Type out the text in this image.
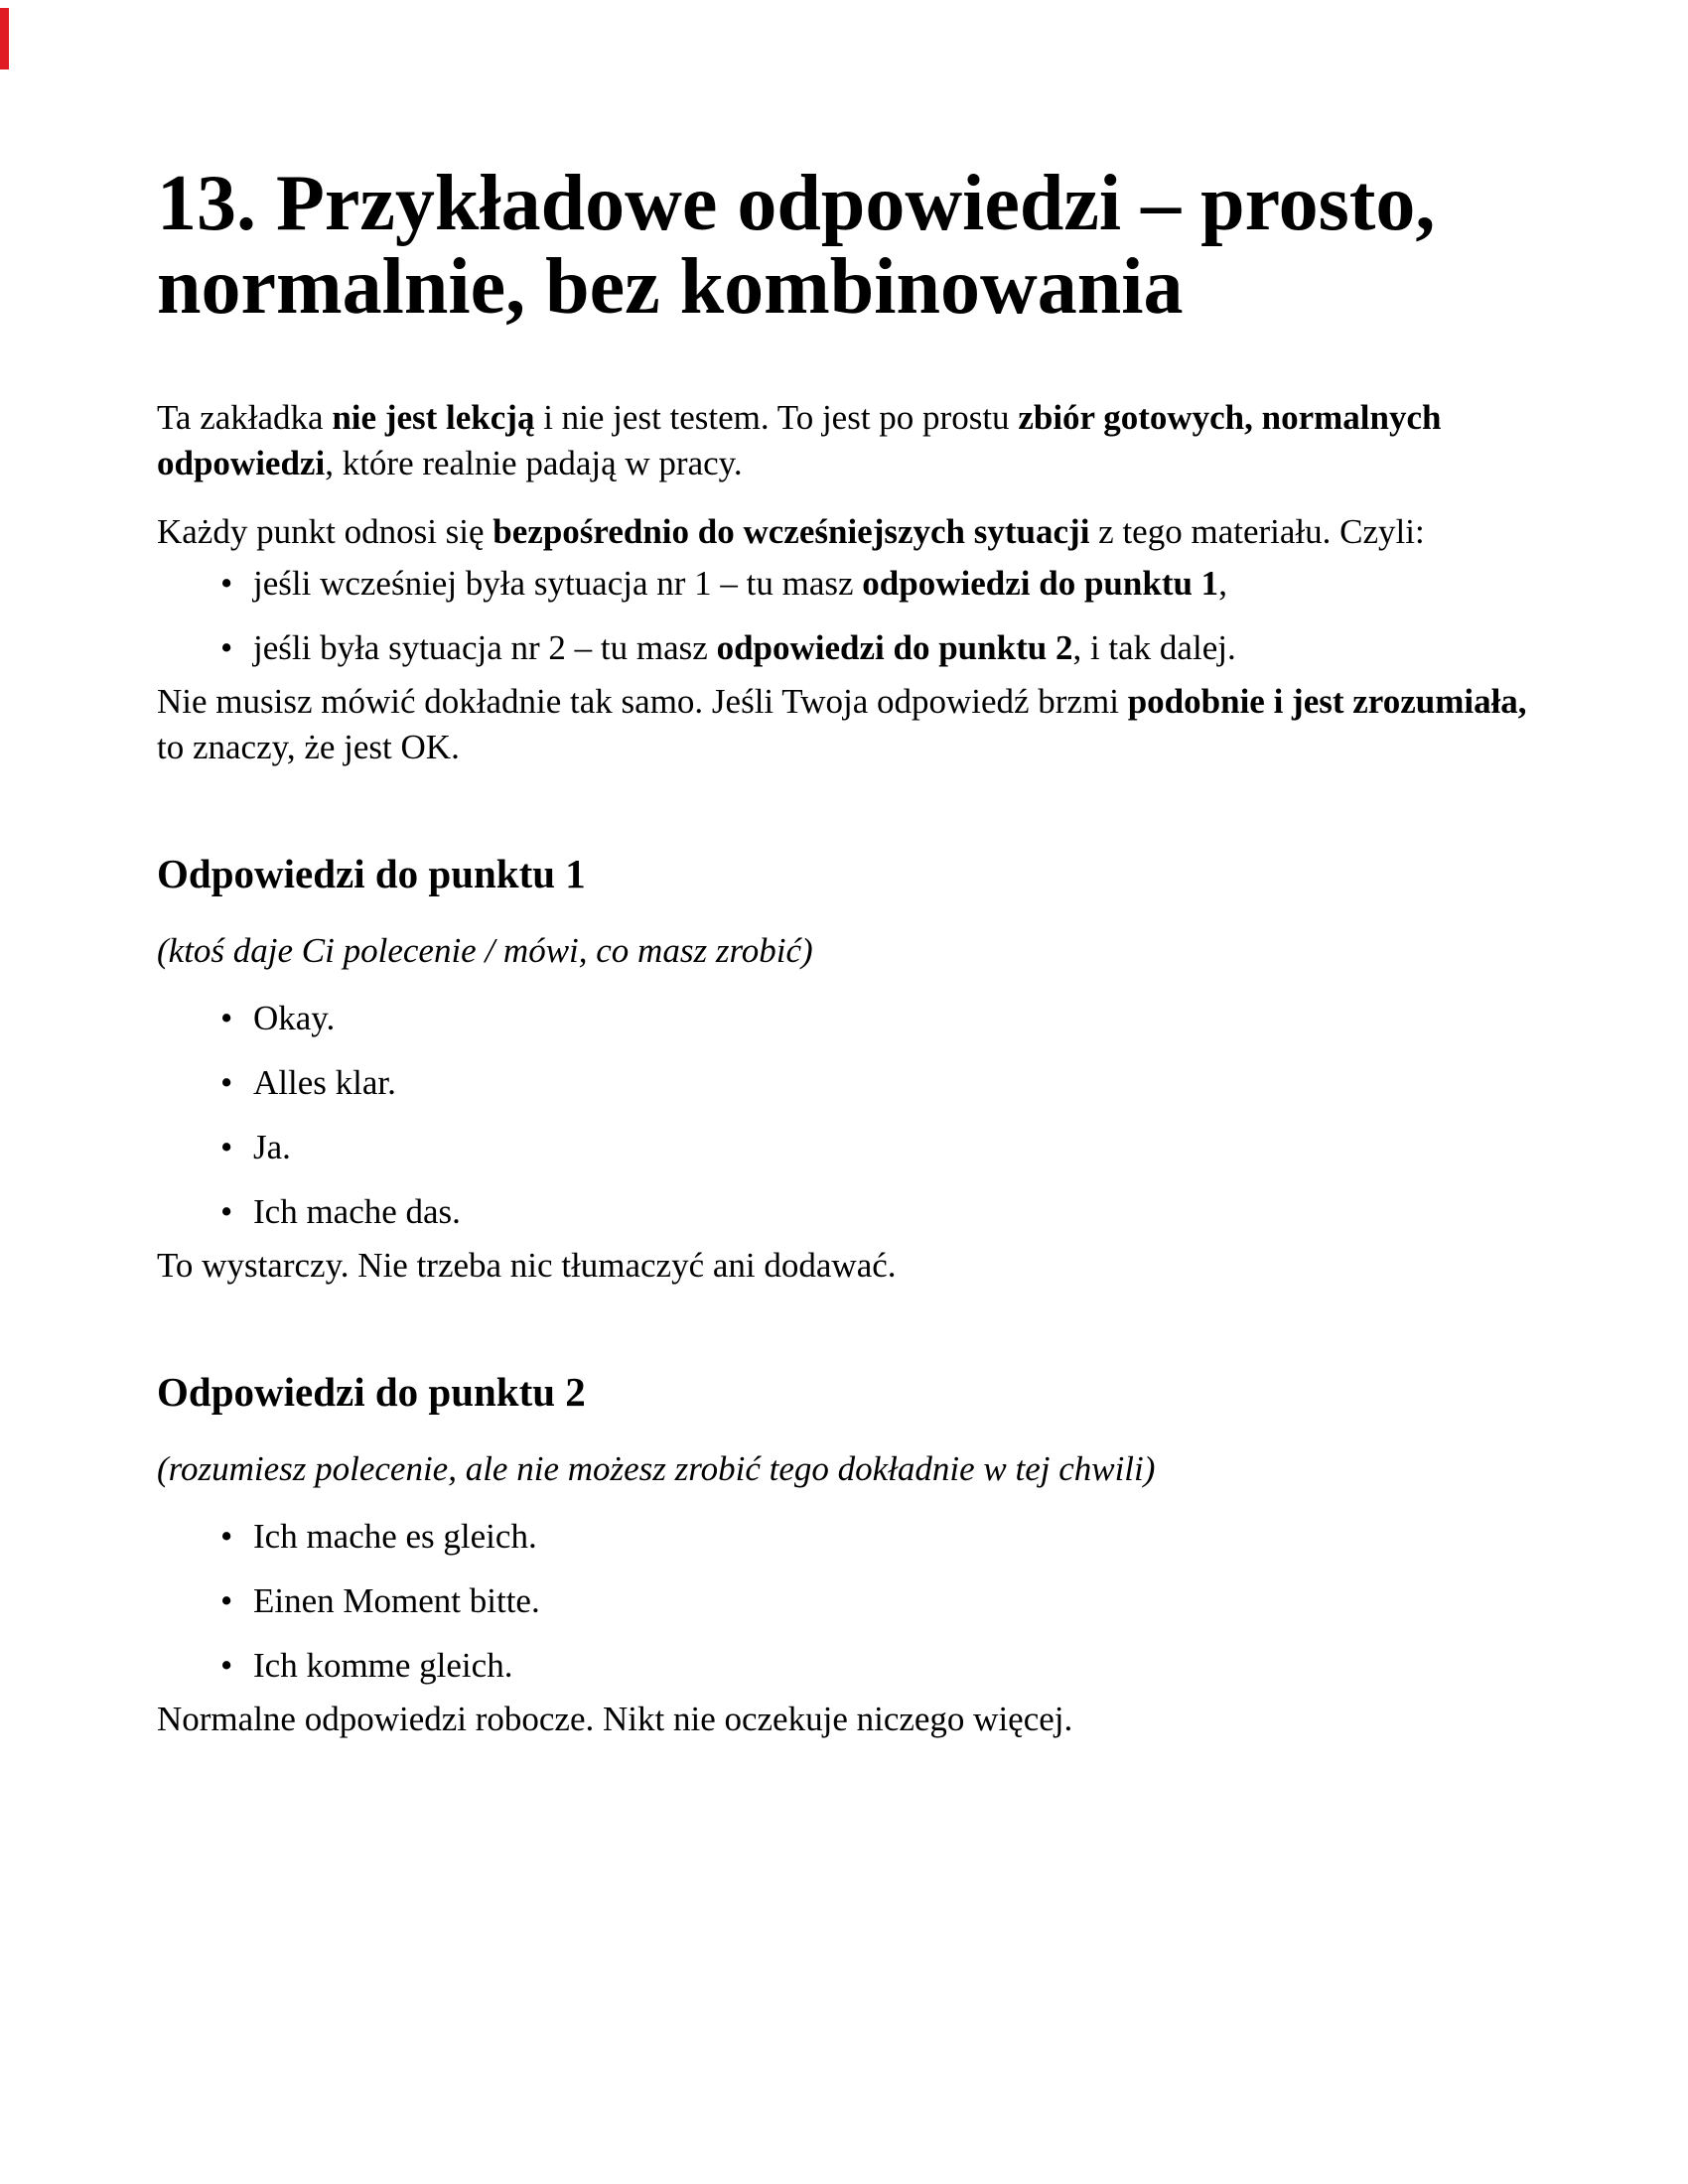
13. Przykładowe odpowiedzi – prosto, normalnie, bez kombinowania

Ta zakładka nie jest lekcją i nie jest testem. To jest po prostu zbiór gotowych, normalnych odpowiedzi, które realnie padają w pracy.

Każdy punkt odnosi się bezpośrednio do wcześniejszych sytuacji z tego materiału. Czyli:

• jeśli wcześniej była sytuacja nr 1 – tu masz odpowiedzi do punktu 1,
• jeśli była sytuacja nr 2 – tu masz odpowiedzi do punktu 2, i tak dalej.

Nie musisz mówić dokładnie tak samo. Jeśli Twoja odpowiedź brzmi podobnie i jest zrozumiała, to znaczy, że jest OK.

Odpowiedzi do punktu 1

(ktoś daje Ci polecenie / mówi, co masz zrobić)

• Okay.
• Alles klar.
• Ja.
• Ich mache das.

To wystarczy. Nie trzeba nic tłumaczyć ani dodawać.

Odpowiedzi do punktu 2

(rozumiesz polecenie, ale nie możesz zrobić tego dokładnie w tej chwili)

• Ich mache es gleich.
• Einen Moment bitte.
• Ich komme gleich.

Normalne odpowiedzi robocze. Nikt nie oczekuje niczego więcej.
